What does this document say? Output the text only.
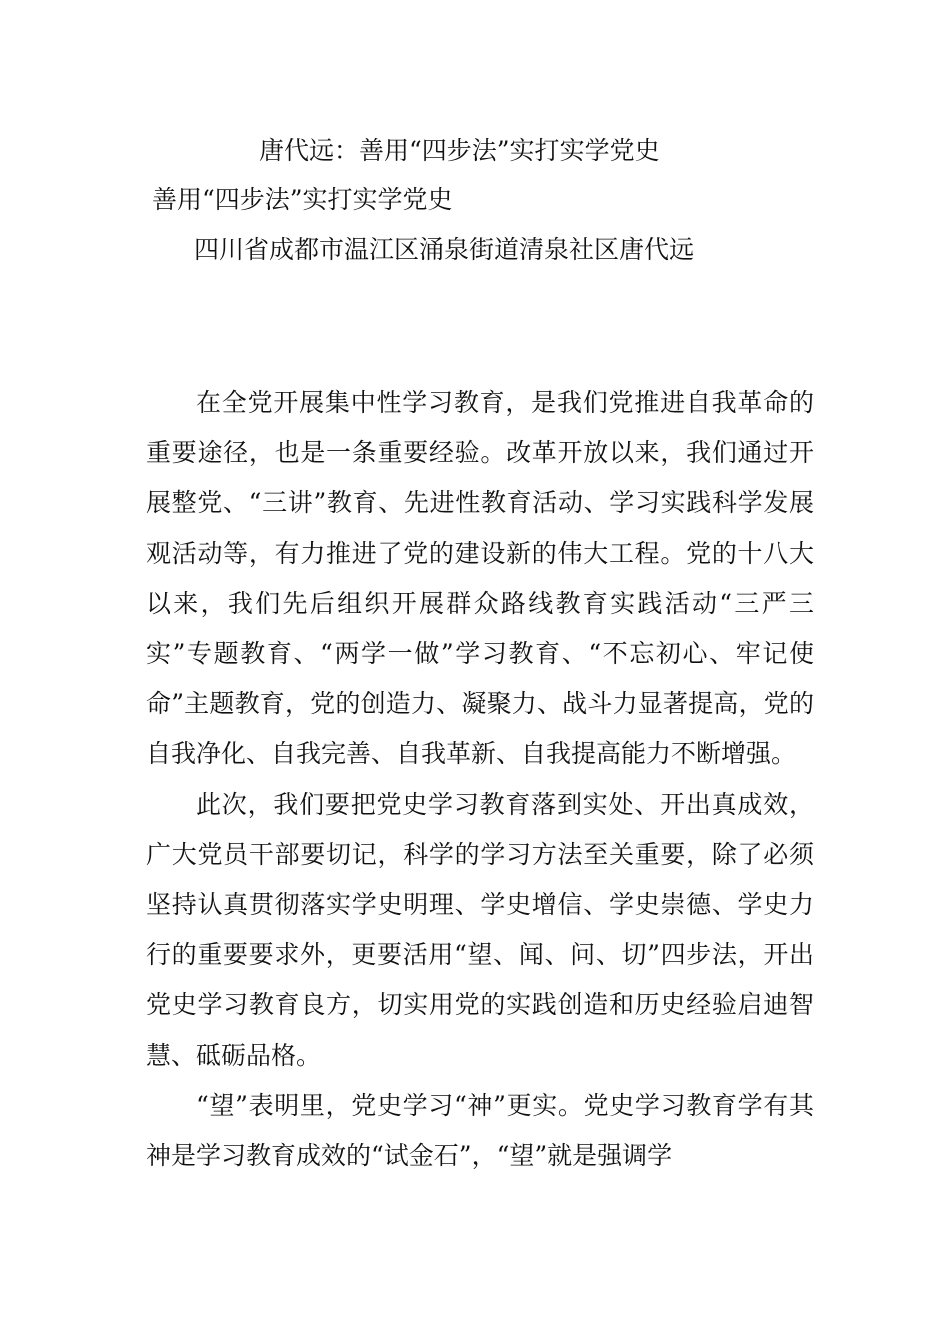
唐代远：善用“四步法”实打实学党史
善用“四步法”实打实学党史
四川省成都市温江区涌泉街道清泉社区唐代远

在全党开展集中性学习教育，是我们党推进自我革命的重要途径，也是一条重要经验。改革开放以来，我们通过开展整党、“三讲”教育、先进性教育活动、学习实践科学发展观活动等，有力推进了党的建设新的伟大工程。党的十八大以来，我们先后组织开展群众路线教育实践活动“三严三实”专题教育、“两学一做”学习教育、“不忘初心、牢记使命”主题教育，党的创造力、凝聚力、战斗力显著提高，党的自我净化、自我完善、自我革新、自我提高能力不断增强。

此次，我们要把党史学习教育落到实处、开出真成效，广大党员干部要切记，科学的学习方法至关重要，除了必须坚持认真贯彻落实学史明理、学史增信、学史崇德、学史力行的重要要求外，更要活用“望、闻、问、切”四步法，开出党史学习教育良方，切实用党的实践创造和历史经验启迪智慧、砥砺品格。

“望”表明里，党史学习“神”更实。党史学习教育学有其神是学习教育成效的“试金石”，“望”就是强调学
